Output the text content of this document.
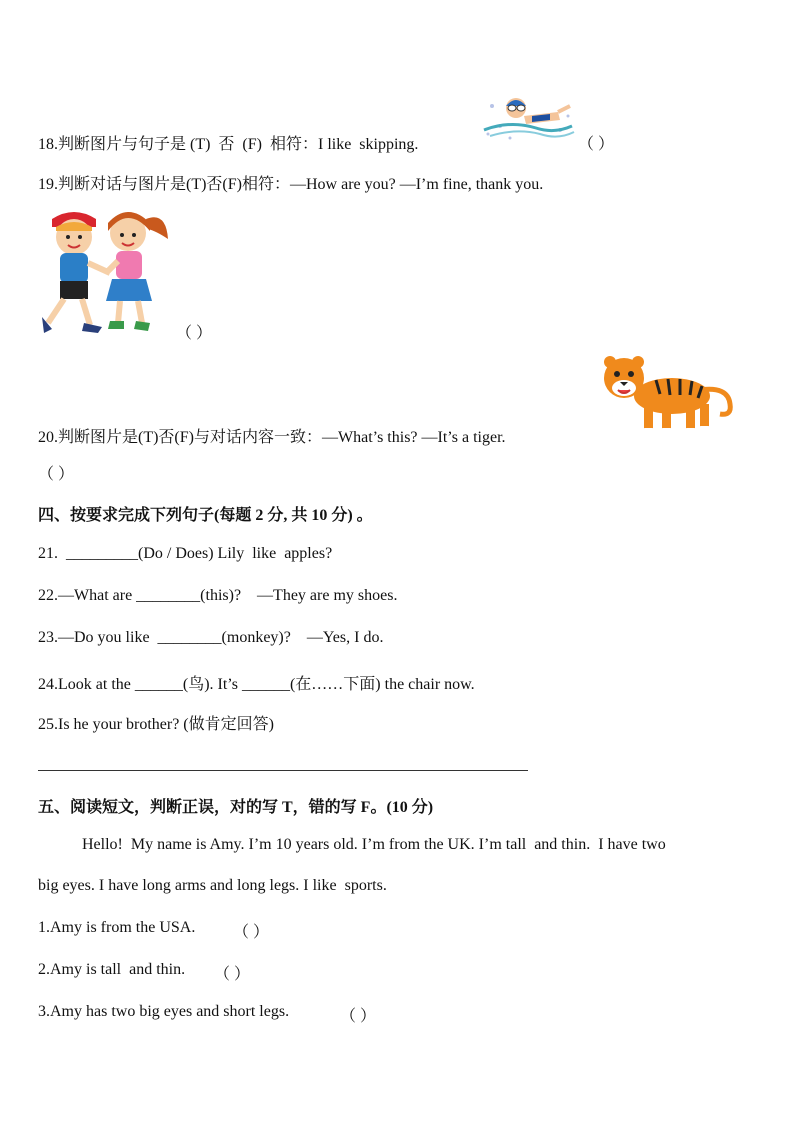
18.判断图片与句子是 (T)  否  (F)  相符：I like  skipping.	（ ）
19.判断对话与图片是(T)否(F)相符：—How are you? —I’m fine, thank you.
（ ）
20.判断图片是(T)否(F)与对话内容一致：—What’s this? —It’s a tiger.
（ ）
四、按要求完成下列句子(每题 2 分, 共 10 分) 。
21.  _________(Do / Does) Lily  like  apples?
22.—What are ________(this)?    —They are my shoes.
23.—Do you like  ________(monkey)?    —Yes, I do.
24.Look at the ______(鸟). It’s ______(在……下面) the chair now.
25.Is he your brother? (做肯定回答)
五、阅读短文，判断正误，对的写 T，错的写 F。(10 分)
Hello!  My name is Amy. I’m 10 years old. I’m from the UK. I’m tall  and thin.  I have two
big eyes. I have long arms and long legs. I like  sports.
1.Amy is from the USA. （ ）
2.Amy is tall  and thin. （ ）
3.Amy has two big eyes and short legs.	（ ）
